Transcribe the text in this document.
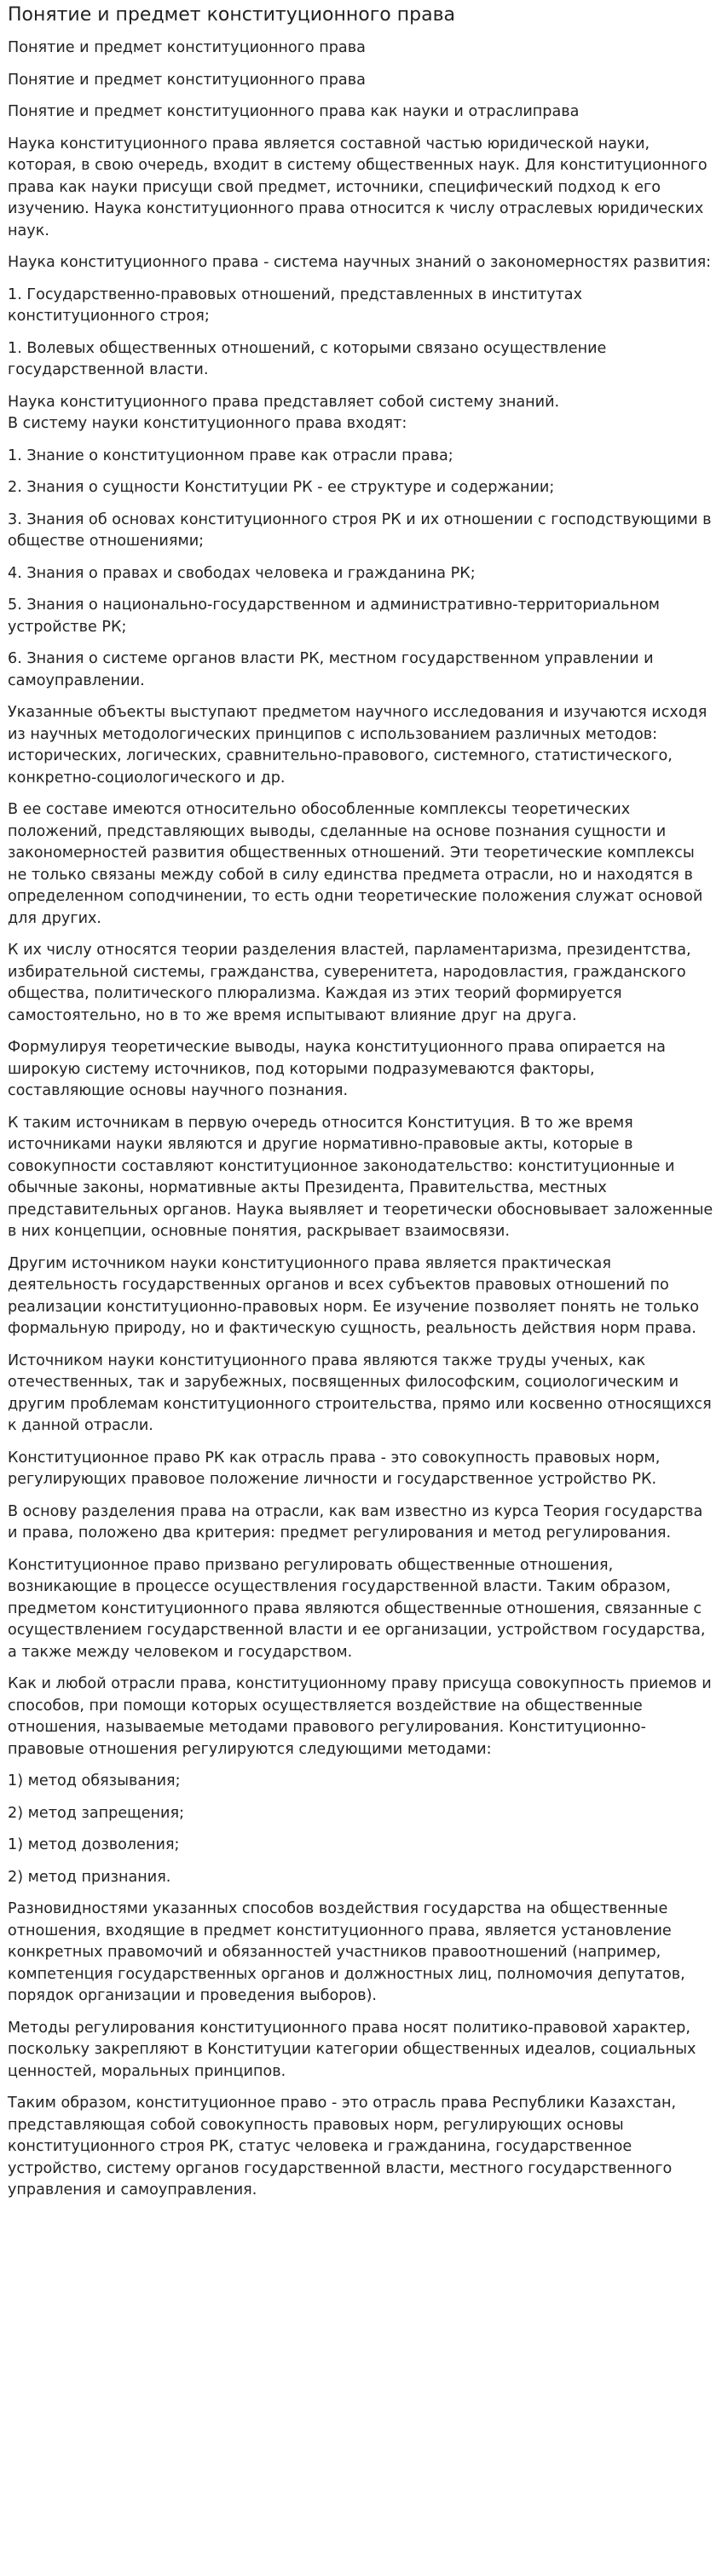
Понятие и предмет конституционного права

Понятие и предмет конституционного права

Понятие и предмет конституционного права

Понятие и предмет конституционного права как науки и отраслиправа

Наука конституционного права является составной частью юридической науки, которая, в свою очередь, входит в систему общественных наук. Для конституционного права как науки присущи свой предмет, источники, специфический подход к его изучению. Наука конституционного права относится к числу отраслевых юридических наук.

Наука конституционного права - система научных знаний о закономерностях развития:

1. Государственно-правовых отношений, представленных в институтах конституционного строя;

1. Волевых общественных отношений, с которыми связано осуществление государственной власти.

Наука конституционного права представляет собой систему знаний.
В систему науки конституционного права входят:

1. Знание о конституционном праве как отрасли права;

2. Знания о сущности Конституции РК - ее структуре и содержании;

3. Знания об основах конституционного строя РК и их отношении с господствующими в обществе отношениями;

4. Знания о правах и свободах человека и гражданина РК;

5. Знания о национально-государственном и административно-территориальном устройстве РК;

6. Знания о системе органов власти РК, местном государственном управлении и самоуправлении.

Указанные объекты выступают предметом научного исследования и изучаются исходя из научных методологических принципов с использованием различных методов: исторических, логических, сравнительно-правового, системного, статистического, конкретно-социологического и др.

В ее составе имеются относительно обособленные комплексы теоретических положений, представляющих выводы, сделанные на основе познания сущности и закономерностей развития общественных отношений. Эти теоретические комплексы не только связаны между собой в силу единства предмета отрасли, но и находятся в определенном соподчинении, то есть одни теоретические положения служат основой для других.

К их числу относятся теории разделения властей, парламентаризма, президентства, избирательной системы, гражданства, суверенитета, народовластия, гражданского общества, политического плюрализма. Каждая из этих теорий формируется самостоятельно, но в то же время испытывают влияние друг на друга.

Формулируя теоретические выводы, наука конституционного права опирается на широкую систему источников, под которыми подразумеваются факторы, составляющие основы научного познания.

К таким источникам в первую очередь относится Конституция. В то же время источниками науки являются и другие нормативно-правовые акты, которые в совокупности составляют конституционное законодательство: конституционные и обычные законы, нормативные акты Президента, Правительства, местных представительных органов. Наука выявляет и теоретически обосновывает заложенные в них концепции, основные понятия, раскрывает взаимосвязи.

Другим источником науки конституционного права является практическая деятельность государственных органов и всех субъектов правовых отношений по реализации конституционно-правовых норм. Ее изучение позволяет понять не только формальную природу, но и фактическую сущность, реальность действия норм права.

Источником науки конституционного права являются также труды ученых, как отечественных, так и зарубежных, посвященных философским, социологическим и другим проблемам конституционного строительства, прямо или косвенно относящихся к данной отрасли.

Конституционное право РК как отрасль права - это совокупность правовых норм, регулирующих правовое положение личности и государственное устройство РК.

В основу разделения права на отрасли, как вам известно из курса Теория государства и права, положено два критерия: предмет регулирования и метод регулирования.

Конституционное право призвано регулировать общественные отношения, возникающие в процессе осуществления государственной власти. Таким образом, предметом конституционного права являются общественные отношения, связанные с осуществлением государственной власти и ее организации, устройством государства, а также между человеком и государством.

Как и любой отрасли права, конституционному праву присуща совокупность приемов и способов, при помощи которых осуществляется воздействие на общественные отношения, называемые методами правового регулирования. Конституционно-правовые отношения регулируются следующими методами:

1) метод обязывания;

2) метод запрещения;

1) метод дозволения;

2) метод признания.

Разновидностями указанных способов воздействия государства на общественные отношения, входящие в предмет конституционного права, является установление конкретных правомочий и обязанностей участников правоотношений (например, компетенция государственных органов и должностных лиц, полномочия депутатов, порядок организации и проведения выборов).

Методы регулирования конституционного права носят политико-правовой характер, поскольку закрепляют в Конституции категории общественных идеалов, социальных ценностей, моральных принципов.

Таким образом, конституционное право - это отрасль права Республики Казахстан, представляющая собой совокупность правовых норм, регулирующих основы конституционного строя РК, статус человека и гражданина, государственное устройство, систему органов государственной власти, местного государственного управления и самоуправления.
